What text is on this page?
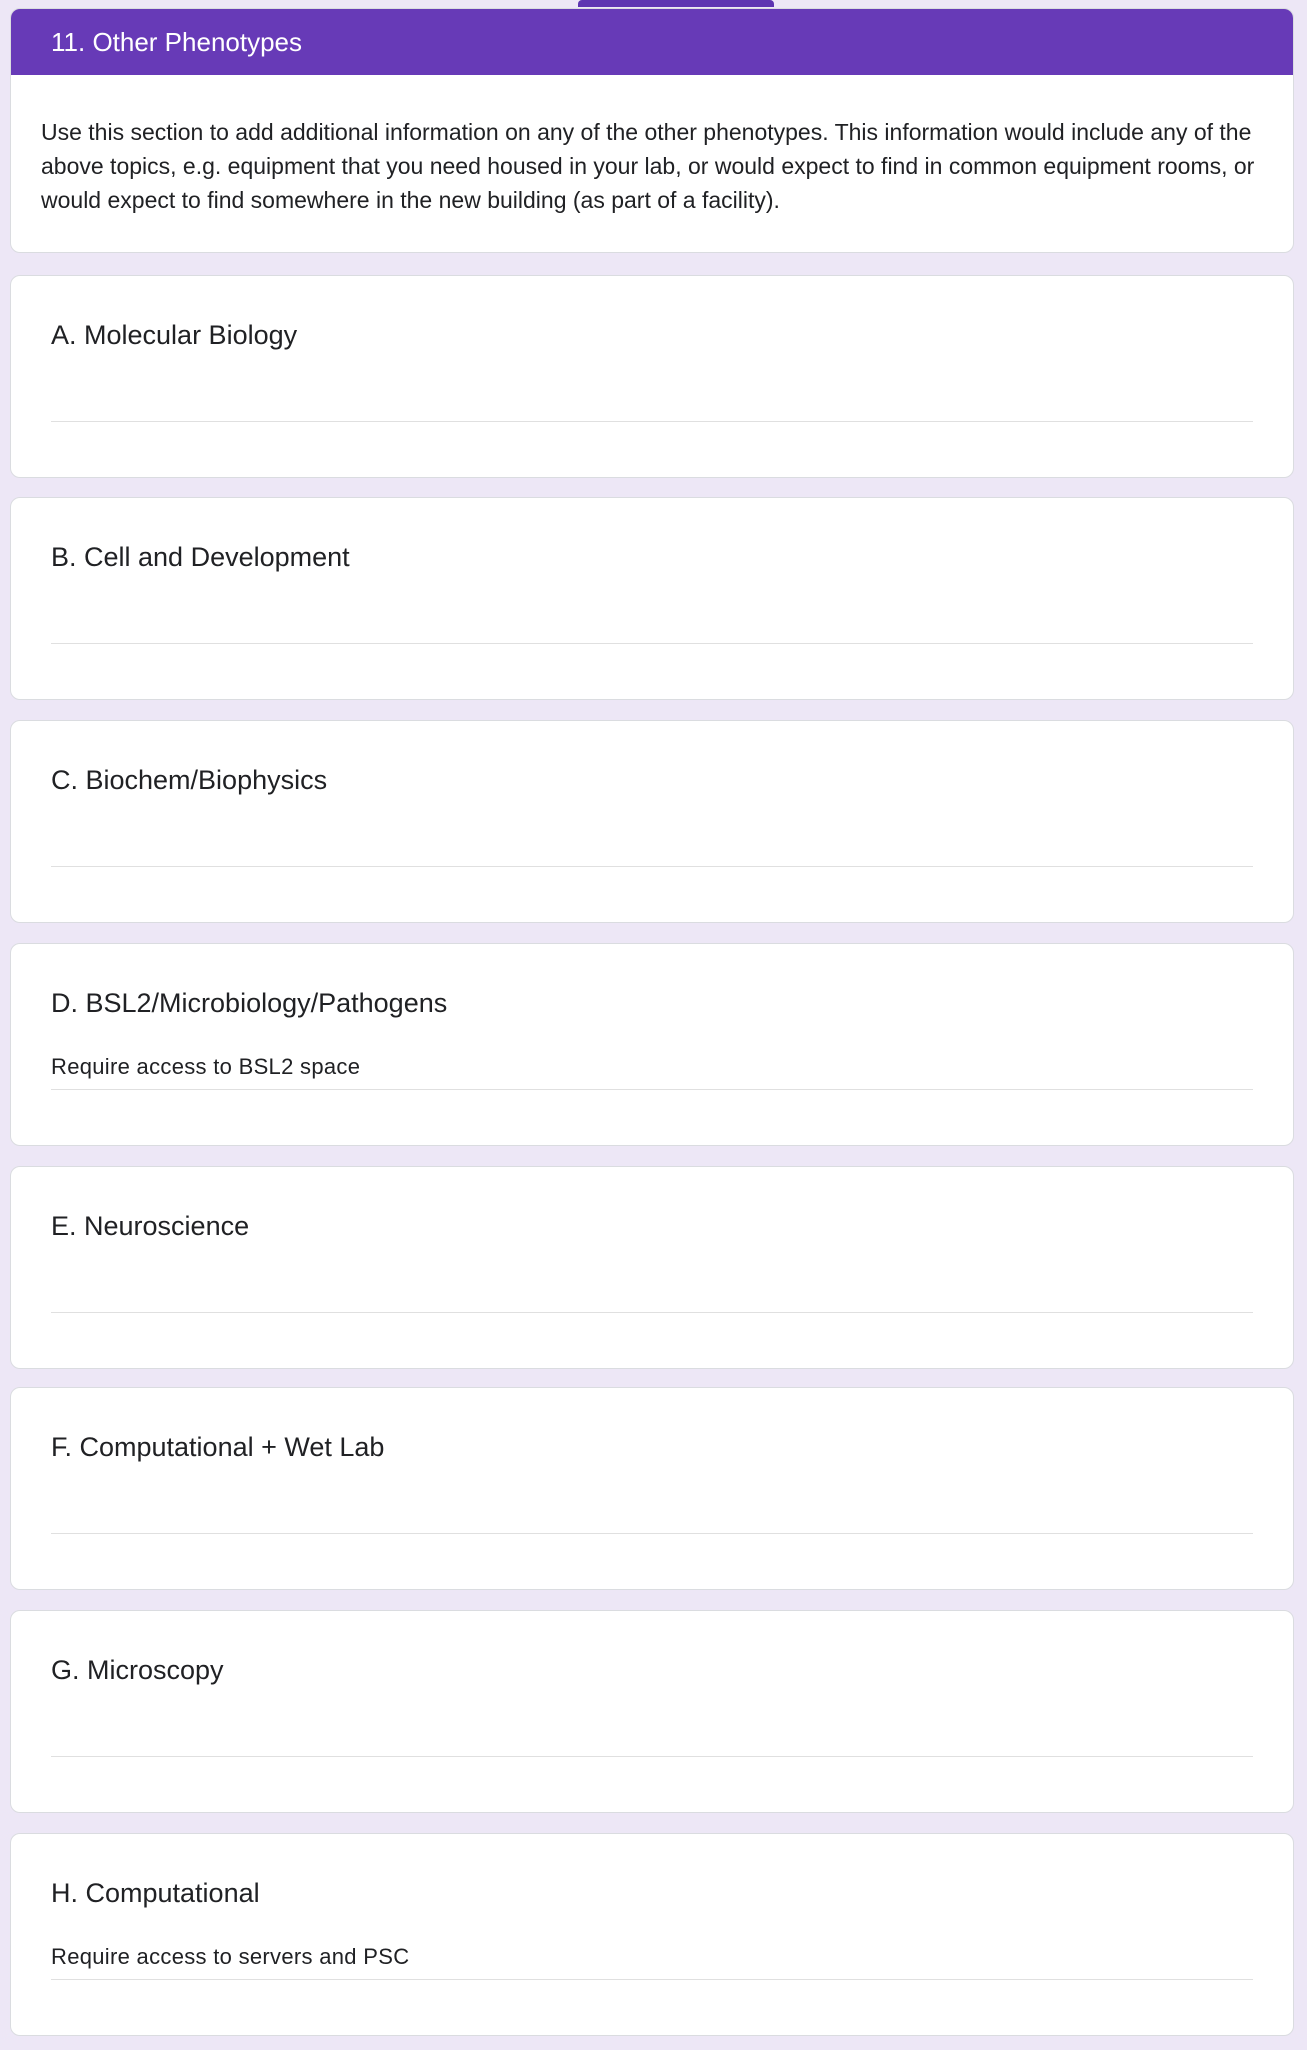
11. Other Phenotypes
Use this section to add additional information on any of the other phenotypes. This information would include any of the above topics, e.g. equipment that you need housed in your lab, or would expect to find in common equipment rooms, or would expect to find somewhere in the new building (as part of a facility).
A. Molecular Biology
B. Cell and Development
C. Biochem/Biophysics
D. BSL2/Microbiology/Pathogens
Require access to BSL2 space
E. Neuroscience
F. Computational + Wet Lab
G. Microscopy
H. Computational
Require access to servers and PSC
